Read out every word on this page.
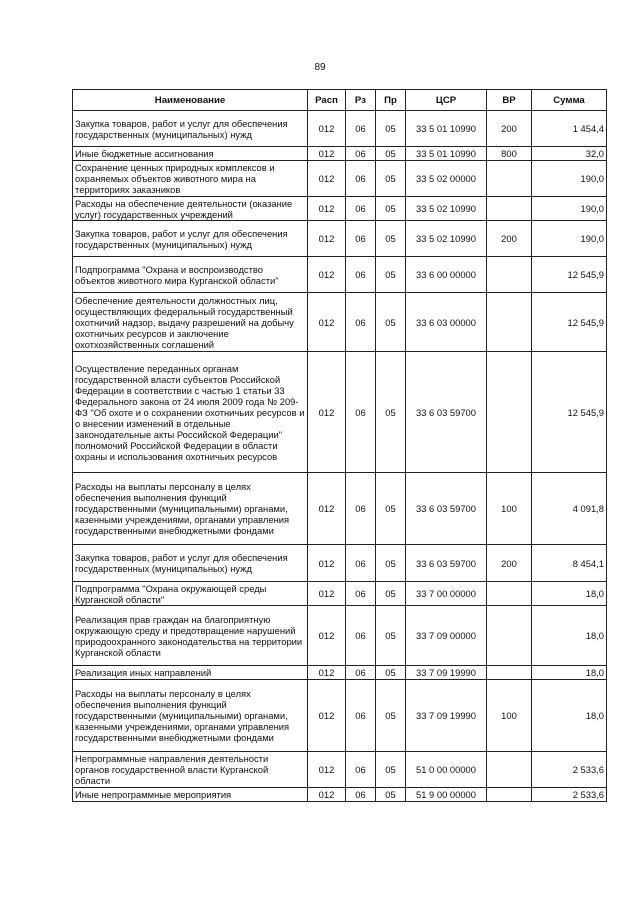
89
Наименование	Расп	Рз	Пр	ЦСР	ВР	Сумма
Закупка товаров, работ и услуг для обеспечения государственных (муниципальных) нужд	012	06	05	33 5 01 10990	200	1 454,4
Иные бюджетные ассигнования	012	06	05	33 5 01 10990	800	32,0
Сохранение ценных природных комплексов и охраняемых объектов животного мира на территориях заказников	012	06	05	33 5 02 00000		190,0
Расходы на обеспечение деятельности (оказание услуг) государственных учреждений	012	06	05	33 5 02 10990		190,0
Закупка товаров, работ и услуг для обеспечения государственных (муниципальных) нужд	012	06	05	33 5 02 10990	200	190,0
Подпрограмма "Охрана и воспроизводство объектов животного мира Курганской области"	012	06	05	33 6 00 00000		12 545,9
Обеспечение деятельности должностных лиц, осуществляющих федеральный государственный охотничий надзор, выдачу разрешений на добычу охотничьих ресурсов и заключение охотхозяйственных соглашений	012	06	05	33 6 03 00000		12 545,9
Осуществление переданных органам государственной власти субъектов Российской Федерации в соответствии с частью 1 статьи 33 Федерального закона от 24 июля 2009 года № 209-ФЗ "Об охоте и о сохранении охотничьих ресурсов и о внесении изменений в отдельные законодательные акты Российской Федерации" полномочий Российской Федерации в области охраны и использования охотничьих ресурсов	012	06	05	33 6 03 59700		12 545,9
Расходы на выплаты персоналу в целях обеспечения выполнения функций государственными (муниципальными) органами, казенными учреждениями, органами управления государственными внебюджетными фондами	012	06	05	33 6 03 59700	100	4 091,8
Закупка товаров, работ и услуг для обеспечения государственных (муниципальных) нужд	012	06	05	33 6 03 59700	200	8 454,1
Подпрограмма "Охрана окружающей среды Курганской области"	012	06	05	33 7 00 00000		18,0
Реализация прав граждан на благоприятную окружающую среду и предотвращение нарушений природоохранного законодательства на территории Курганской области	012	06	05	33 7 09 00000		18,0
Реализация иных направлений	012	06	05	33 7 09 19990		18,0
Расходы на выплаты персоналу в целях обеспечения выполнения функций государственными (муниципальными) органами, казенными учреждениями, органами управления государственными внебюджетными фондами	012	06	05	33 7 09 19990	100	18,0
Непрограммные направления деятельности органов государственной власти Курганской области	012	06	05	51 0 00 00000		2 533,6
Иные непрограммные мероприятия	012	06	05	51 9 00 00000		2 533,6
